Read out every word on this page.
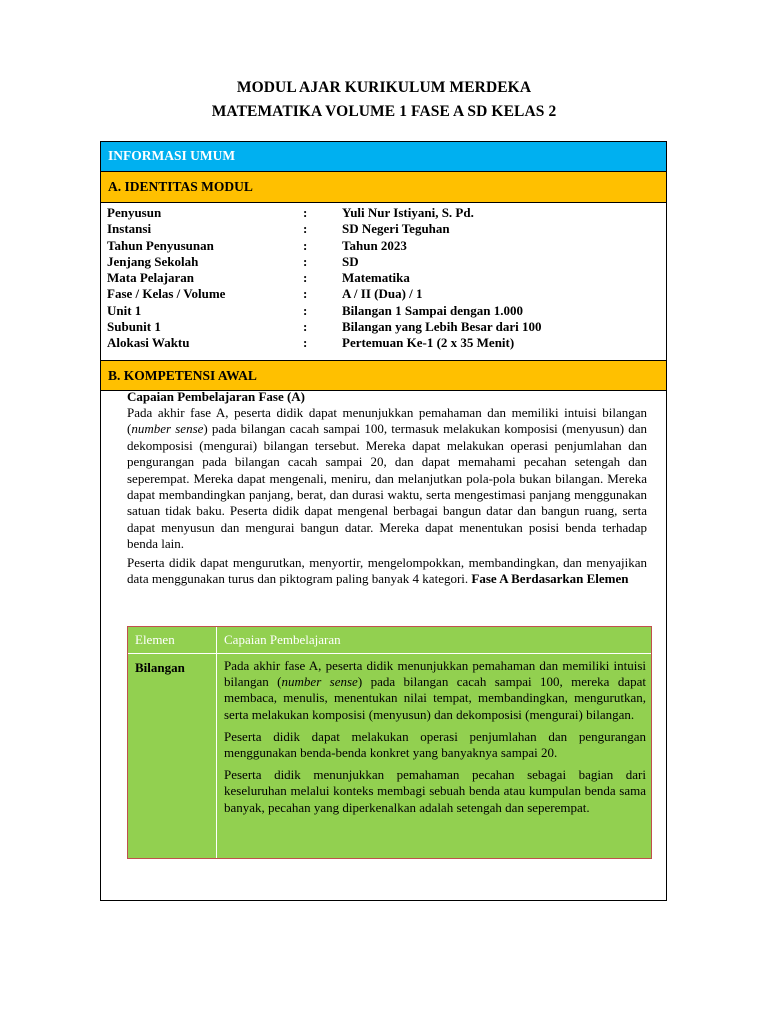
MODUL AJAR KURIKULUM MERDEKA
MATEMATIKA VOLUME 1 FASE A SD KELAS 2
INFORMASI UMUM
A. IDENTITAS MODUL
Penyusun	:	Yuli Nur Istiyani, S. Pd.
Instansi	:	SD Negeri Teguhan
Tahun Penyusunan	:	Tahun 2023
Jenjang Sekolah	:	SD
Mata Pelajaran	:	Matematika
Fase / Kelas / Volume	:	A / II (Dua) / 1
Unit 1	:	Bilangan 1 Sampai dengan 1.000
Subunit 1	:	Bilangan yang Lebih Besar dari 100
Alokasi Waktu	:	Pertemuan Ke-1 (2 x 35 Menit)
B. KOMPETENSI AWAL
Capaian Pembelajaran Fase (A)

Pada akhir fase A, peserta didik dapat menunjukkan pemahaman dan memiliki intuisi bilangan (number sense) pada bilangan cacah sampai 100, termasuk melakukan komposisi (menyusun) dan dekomposisi (mengurai) bilangan tersebut. Mereka dapat melakukan operasi penjumlahan dan pengurangan pada bilangan cacah sampai 20, dan dapat memahami pecahan setengah dan seperempat. Mereka dapat mengenali, meniru, dan melanjutkan pola-pola bukan bilangan. Mereka dapat membandingkan panjang, berat, dan durasi waktu, serta mengestimasi panjang menggunakan satuan tidak baku. Peserta didik dapat mengenal berbagai bangun datar dan bangun ruang, serta dapat menyusun dan mengurai bangun datar. Mereka dapat menentukan posisi benda terhadap benda lain.

Peserta didik dapat mengurutkan, menyortir, mengelompokkan, membandingkan, dan menyajikan data menggunakan turus dan piktogram paling banyak 4 kategori. Fase A Berdasarkan Elemen

Elemen	Capaian Pembelajaran
Bilangan	Pada akhir fase A, peserta didik menunjukkan pemahaman dan memiliki intuisi bilangan (number sense) pada bilangan cacah sampai 100, mereka dapat membaca, menulis, menentukan nilai tempat, membandingkan, mengurutkan, serta melakukan komposisi (menyusun) dan dekomposisi (mengurai) bilangan.

Peserta didik dapat melakukan operasi penjumlahan dan pengurangan menggunakan benda-benda konkret yang banyaknya sampai 20.

Peserta didik menunjukkan pemahaman pecahan sebagai bagian dari keseluruhan melalui konteks membagi sebuah benda atau kumpulan benda sama banyak, pecahan yang diperkenalkan adalah setengah dan seperempat.
